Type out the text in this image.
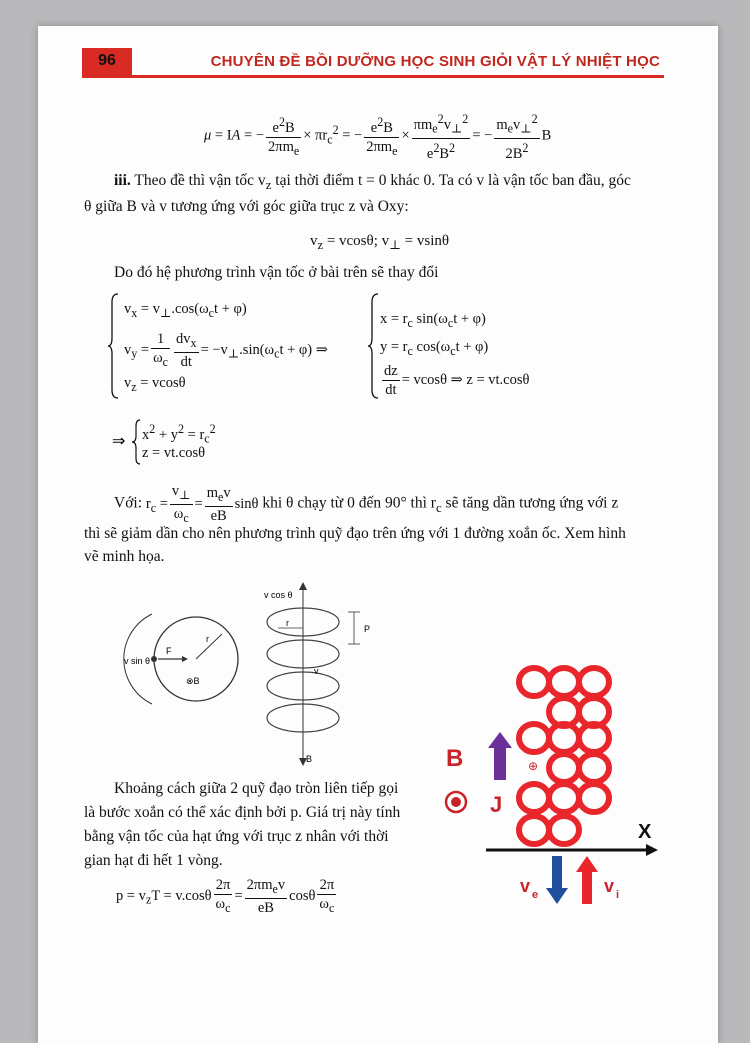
96	CHUYÊN ĐỀ BỒI DƯỠNG HỌC SINH GIỎI VẬT LÝ NHIỆT HỌC
μ = IA = − $\frac{e^2B}{2\pi m_e} \times \pi r_c^2$ = − $\frac{e^2B}{2\pi m_e} \times \frac{\pi m_e^2v_\perp^2}{e^2B^2}$ = − $\frac{m_ev_\perp^2}{2B^2}$ B
iii. Theo đề thì vận tốc $v_z$ tại thời điểm t = 0 khác 0. Ta có v là vận tốc ban đầu, góc
θ giữa B và v tương ứng với góc giữa trục z và Oxy:
$v_z = vcos\theta$; $v_\perp = vsin\theta$
Do đó hệ phương trình vận tốc ở bài trên sẽ thay đổi
$v_x = v_\perp.\cos(\omega_ct + \varphi)$
$v_y = \frac{1}{\omega_c} \frac{dv_x}{dt} = -v_\perp.\sin(\omega_ct + \varphi)$ ⇒
$v_z = vcos\theta$
$x = r_c$ $\sin(\omega_ct + \varphi)$
$y = r_c$ $\cos(\omega_ct + \varphi)$
$\frac{dz}{dt} = vcos\theta$ ⇒ z = vt.cosθ
⇒ $x^2 + y^2 = r_c^2$
z = vt.cosθ
Với: $r_c = \frac{v_\perp}{\omega_c} = \frac{m_ev}{eB}$ sinθ khi θ chạy từ 0 đến 90° thì $r_c$ sẽ tăng dần tương ứng với z
thì sẽ giảm dần cho nên phương trình quỹ đạo trên ứng với 1 đường xoắn ốc. Xem hình
vẽ minh họa.
v sin θ
F
r
⊗B
v cos θ
r
P
v
B	⊕
B
J
X
v e	v i
Khoảng cách giữa 2 quỹ đạo tròn liên tiếp gọi
là bước xoắn có thể xác định bởi p. Giá trị này tính
bằng vận tốc của hạt ứng với trục z nhân với thời
gian hạt đi hết 1 vòng.
$p = v_zT = v.\cos\theta \frac{2\pi}{\omega_c} = \frac{2\pi m_ev}{eB}$ cosθ $\frac{2\pi}{\omega_c}$
